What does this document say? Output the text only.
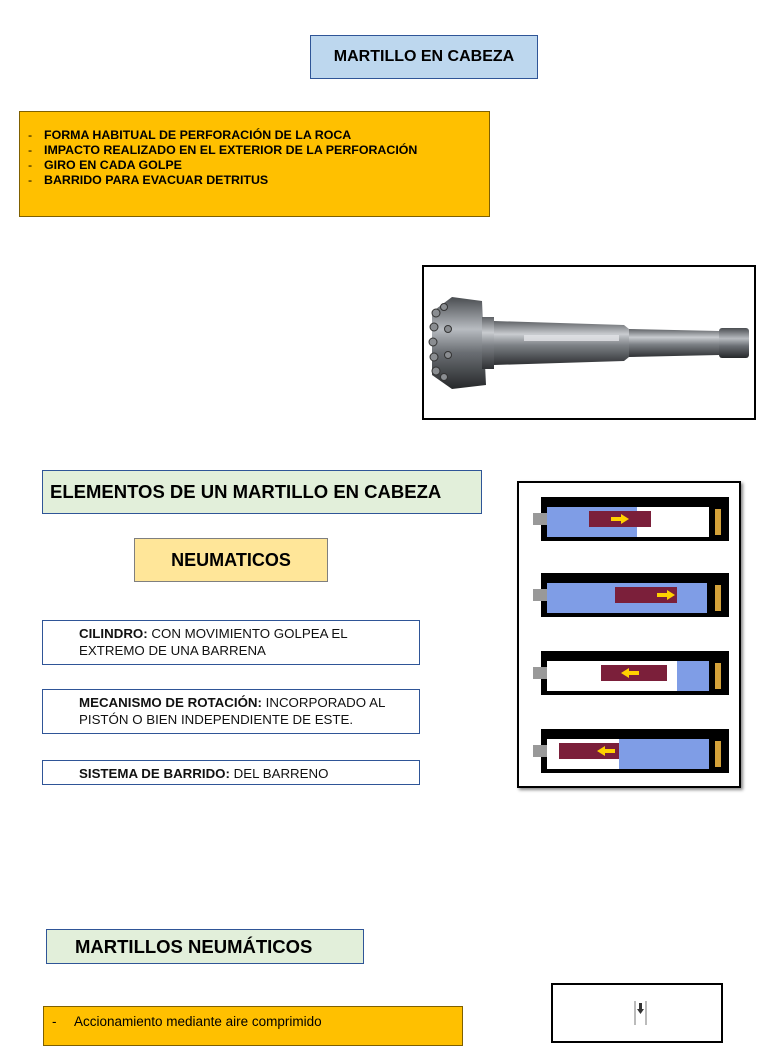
MARTILLO EN CABEZA
- FORMA HABITUAL DE PERFORACIÓN DE LA ROCA
- IMPACTO REALIZADO EN EL EXTERIOR DE LA PERFORACIÓN
- GIRO EN CADA GOLPE
- BARRIDO PARA EVACUAR DETRITUS
ELEMENTOS DE UN MARTILLO EN CABEZA
NEUMATICOS
CILINDRO: CON MOVIMIENTO GOLPEA EL EXTREMO DE UNA BARRENA
MECANISMO DE ROTACIÓN: INCORPORADO AL PISTÓN O BIEN INDEPENDIENTE DE ESTE.
SISTEMA DE BARRIDO: DEL BARRENO
MARTILLOS NEUMÁTICOS
- Accionamiento mediante aire comprimido
